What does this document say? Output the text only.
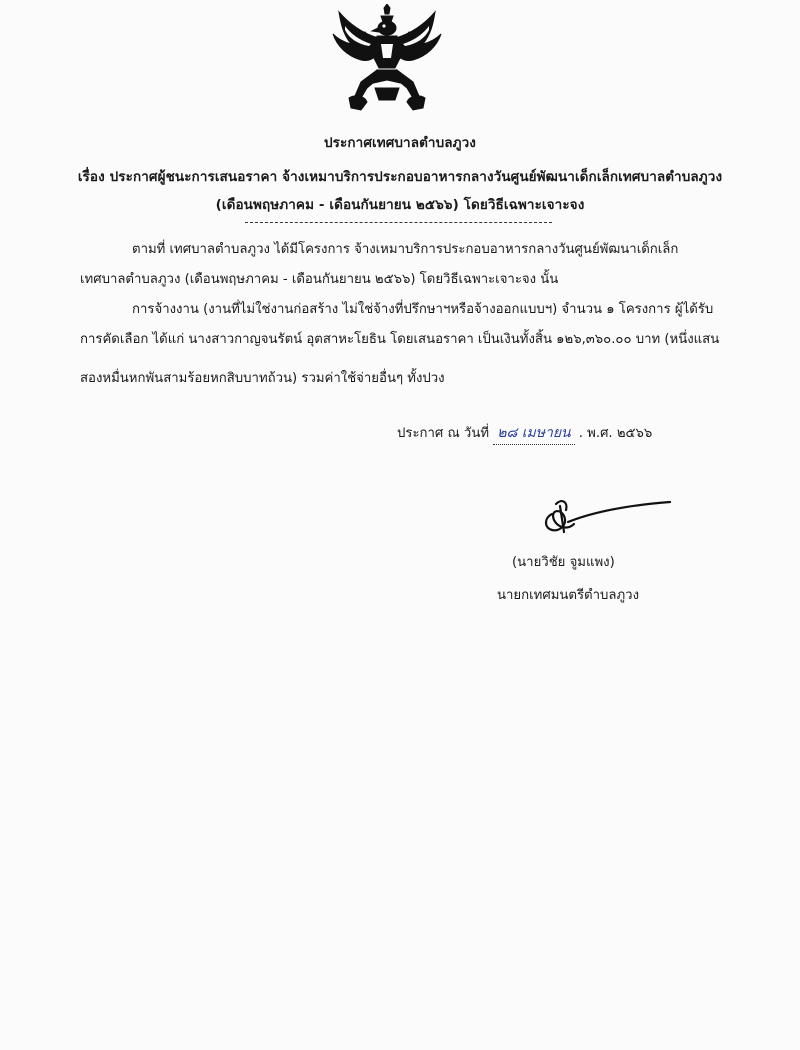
ประกาศเทศบาลตำบลภูวง
เรื่อง ประกาศผู้ชนะการเสนอราคา จ้างเหมาบริการประกอบอาหารกลางวันศูนย์พัฒนาเด็กเล็กเทศบาลตำบลภูวง
(เดือนพฤษภาคม - เดือนกันยายน ๒๕๖๖) โดยวิธีเฉพาะเจาะจง
ตามที่ เทศบาลตำบลภูวง ได้มีโครงการ จ้างเหมาบริการประกอบอาหารกลางวันศูนย์พัฒนาเด็กเล็ก
เทศบาลตำบลภูวง (เดือนพฤษภาคม - เดือนกันยายน ๒๕๖๖) โดยวิธีเฉพาะเจาะจง นั้น
การจ้างงาน (งานที่ไม่ใช่งานก่อสร้าง ไม่ใช่จ้างที่ปรึกษาฯหรือจ้างออกแบบฯ) จำนวน ๑ โครงการ ผู้ได้รับ
การคัดเลือก ได้แก่ นางสาวกาญจนรัตน์ อุตสาหะโยธิน โดยเสนอราคา เป็นเงินทั้งสิ้น ๑๒๖,๓๖๐.๐๐ บาท (หนึ่งแสน
สองหมื่นหกพันสามร้อยหกสิบบาทถ้วน) รวมค่าใช้จ่ายอื่นๆ ทั้งปวง
ประกาศ ณ วันที่ ๒๘ เมษายน . พ.ศ. ๒๕๖๖
(นายวิชัย จูมแพง)
นายกเทศมนตรีตำบลภูวง
